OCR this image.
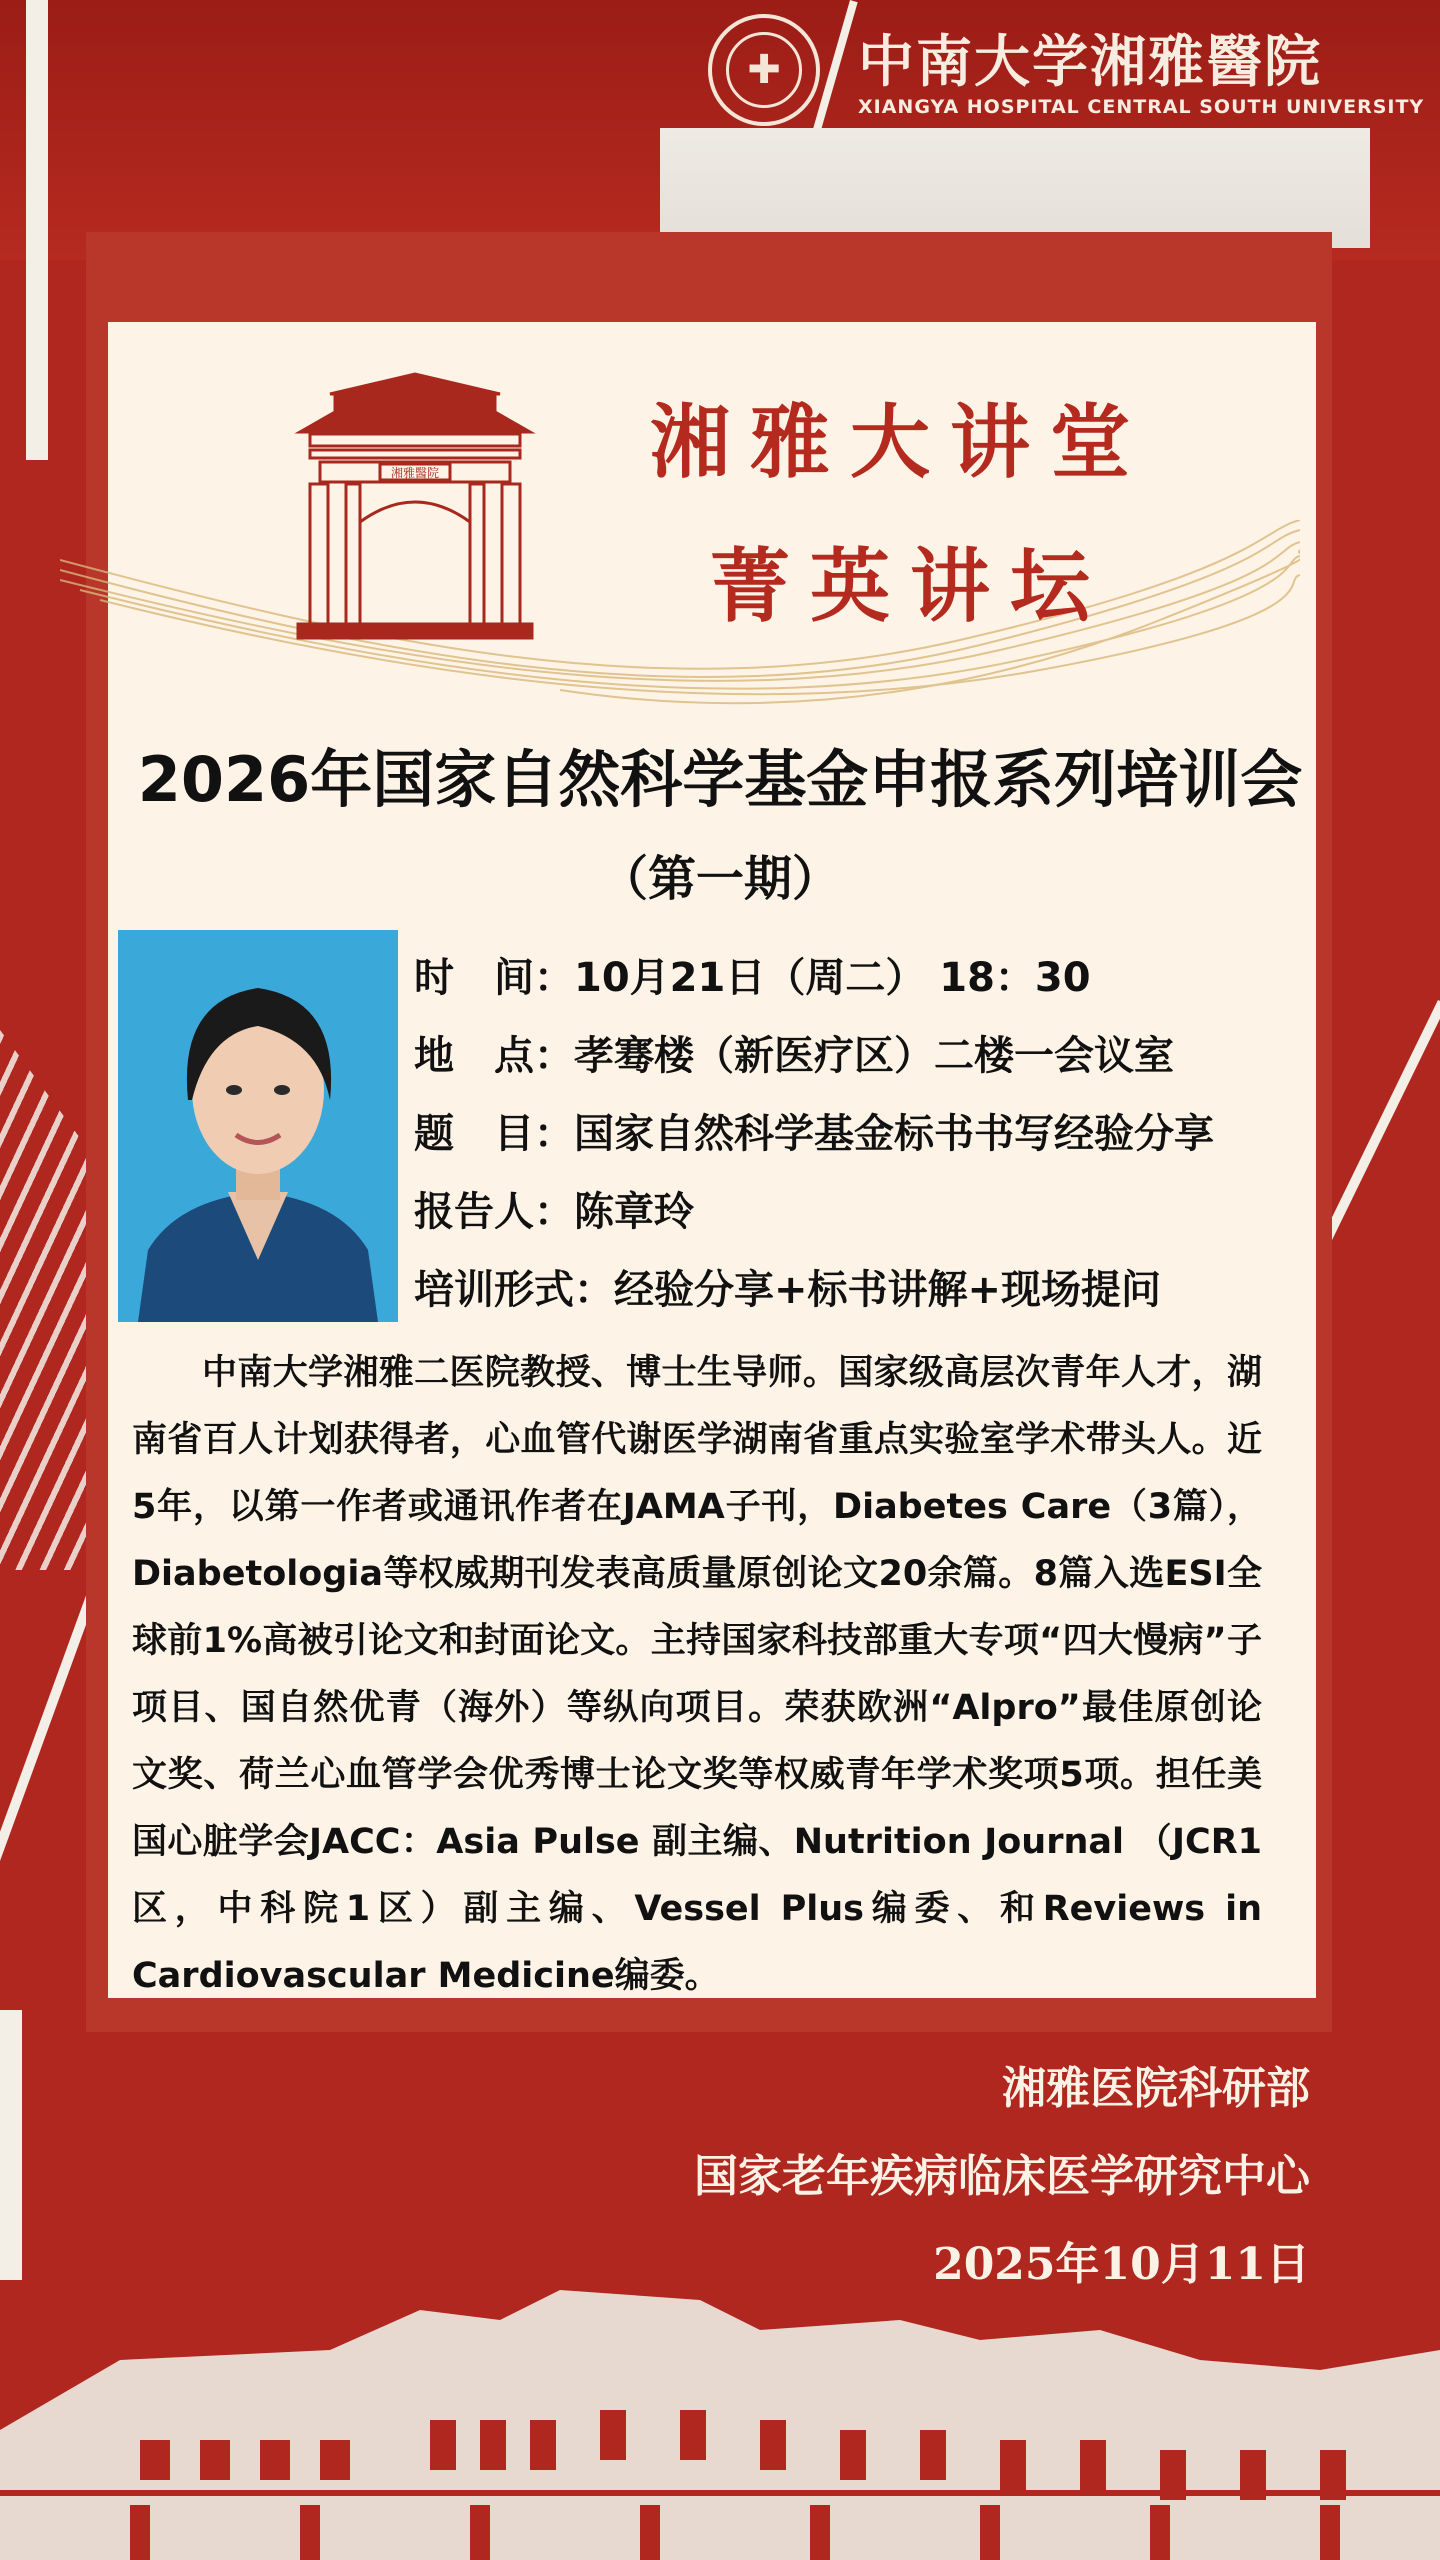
✚	中南大学湘雅醫院
XIANGYA HOSPITAL CENTRAL SOUTH UNIVERSITY
湘雅醫院	湘雅大讲堂
菁英讲坛
2026年国家自然科学基金申报系列培训会
（第一期）
时　间：10月21日（周二） 18：30
地　点：孝骞楼（新医疗区）二楼一会议室
题　目：国家自然科学基金标书书写经验分享
报告人：陈章玲
培训形式：经验分享+标书讲解+现场提问
中南大学湘雅二医院教授、博士生导师。国家级高层次青年人才，湖南省百人计划获得者，心血管代谢医学湖南省重点实验室学术带头人。近5年，以第一作者或通讯作者在JAMA子刊，Diabetes Care（3篇），Diabetologia等权威期刊发表高质量原创论文20余篇。8篇入选ESI全球前1%高被引论文和封面论文。主持国家科技部重大专项“四大慢病”子项目、国自然优青（海外）等纵向项目。荣获欧洲“Alpro”最佳原创论文奖、荷兰心血管学会优秀博士论文奖等权威青年学术奖项5项。担任美国心脏学会JACC：Asia Pulse 副主编、Nutrition Journal （JCR1区，中科院1区）副主编、Vessel Plus编委、和Reviews in Cardiovascular Medicine编委。
湘雅医院科研部
国家老年疾病临床医学研究中心
2025年10月11日
